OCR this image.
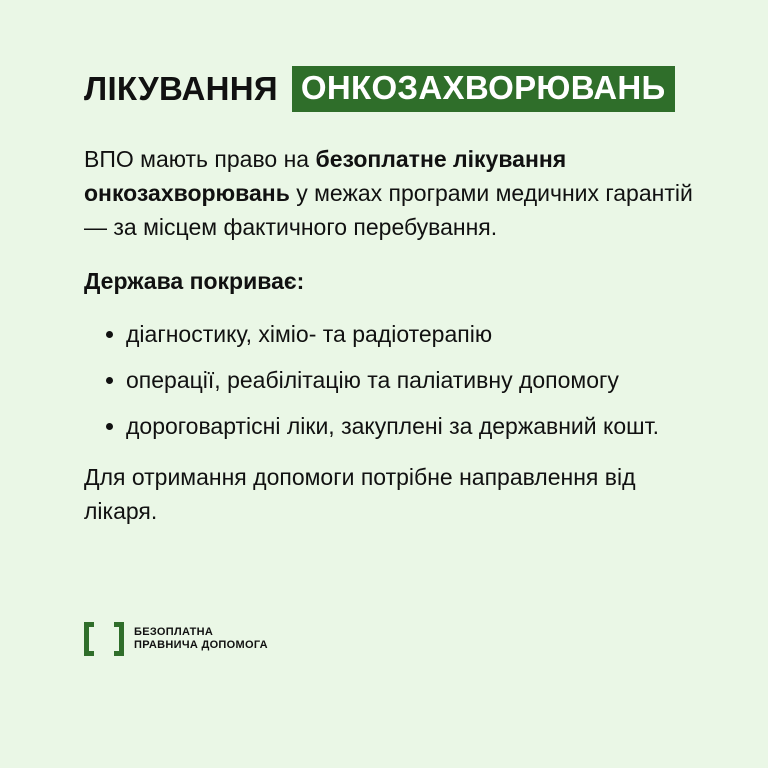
ЛІКУВАННЯ ОНКОЗАХВОРЮВАНЬ
ВПО мають право на безоплатне лікування онкозахворювань у межах програми медичних гарантій — за місцем фактичного перебування.
Держава покриває:
діагностику, хіміо- та радіотерапію
операції, реабілітацію та паліативну допомогу
дороговартісні ліки, закуплені за державний кошт.
Для отримання допомоги потрібне направлення від лікаря.
БЕЗОПЛАТНА
ПРАВНИЧА ДОПОМОГА
